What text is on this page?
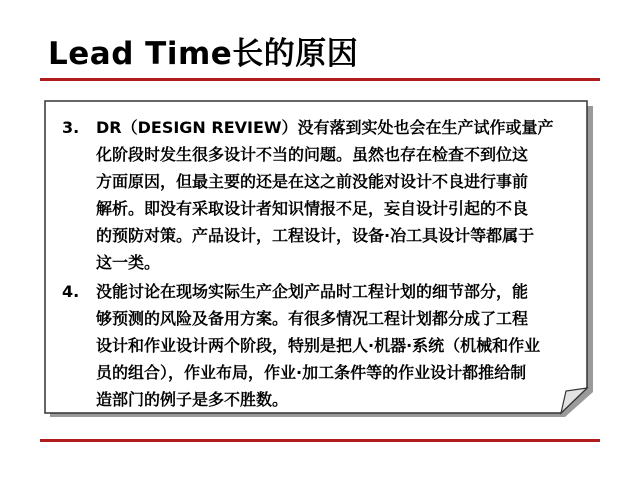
Lead Time长的原因
3.	DR（DESIGN REVIEW）没有落到实处也会在生产试作或量产
化阶段时发生很多设计不当的问题。虽然也存在检查不到位这
方面原因，但最主要的还是在这之前没能对设计不良进行事前
解析。即没有采取设计者知识情报不足，妄自设计引起的不良
的预防对策。产品设计，工程设计，设备·冶工具设计等都属于
这一类。
4.	没能讨论在现场实际生产企划产品时工程计划的细节部分，能
够预测的风险及备用方案。有很多情况工程计划都分成了工程
设计和作业设计两个阶段，特别是把人·机器·系统（机械和作业
员的组合），作业布局，作业·加工条件等的作业设计都推给制
造部门的例子是多不胜数。
